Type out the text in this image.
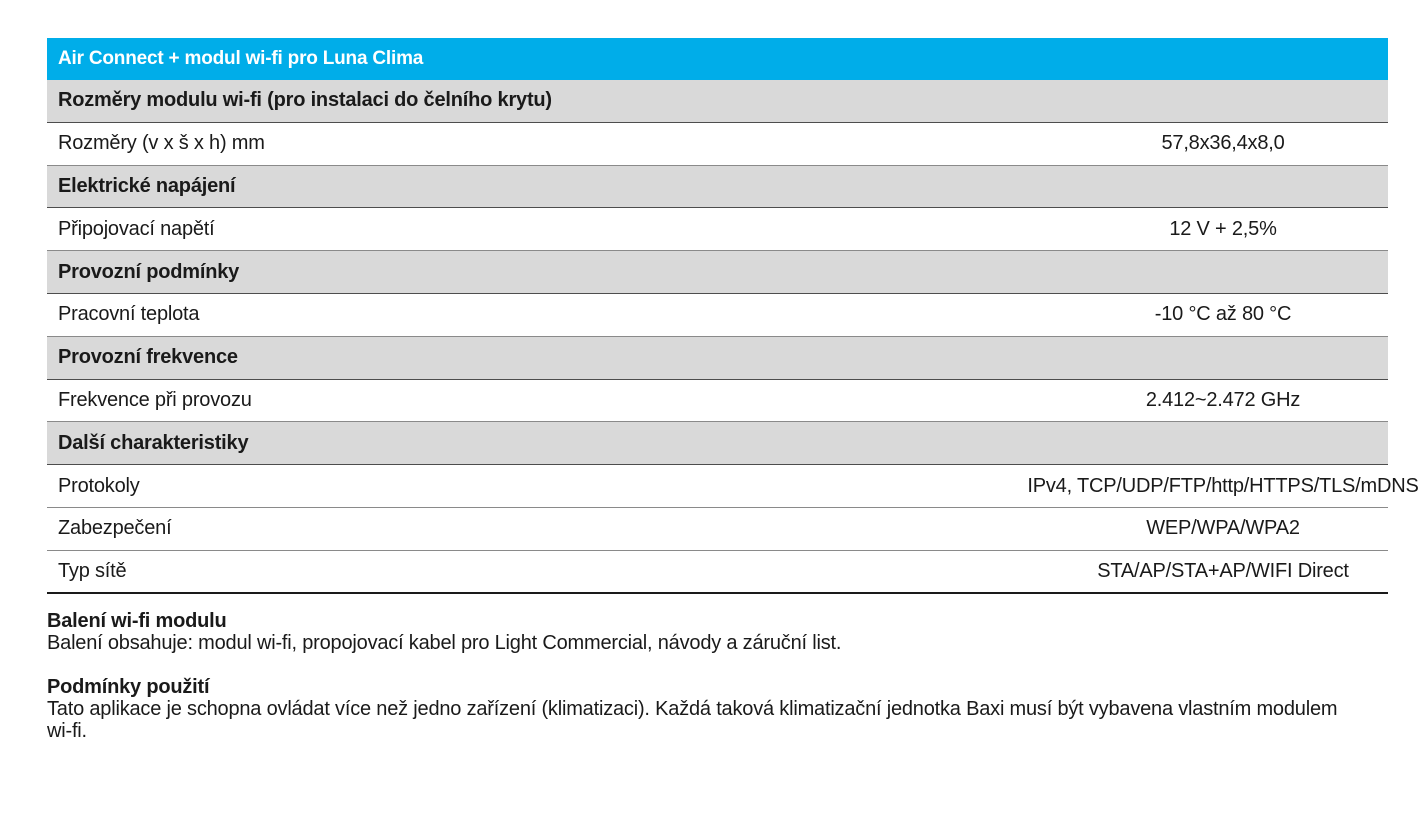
Air Connect + modul wi-fi pro Luna Clima
Rozměry modulu wi-fi (pro instalaci do čelního krytu)
Rozměry (v x š x h) mm	57,8x36,4x8,0
Elektrické napájení
Připojovací napětí	12 V + 2,5%
Provozní podmínky
Pracovní teplota	-10 °C až 80 °C
Provozní frekvence
Frekvence při provozu	2.412~2.472 GHz
Další charakteristiky
Protokoly	IPv4, TCP/UDP/FTP/http/HTTPS/TLS/mDNS
Zabezpečení	WEP/WPA/WPA2
Typ sítě	STA/AP/STA+AP/WIFI Direct
Balení wi-fi modulu
Balení obsahuje: modul wi-fi, propojovací kabel pro Light Commercial, návody a záruční list.
Podmínky použití
Tato aplikace je schopna ovládat více než jedno zařízení (klimatizaci). Každá taková klimatizační jednotka Baxi musí být vybavena vlastním modulem wi-fi.
